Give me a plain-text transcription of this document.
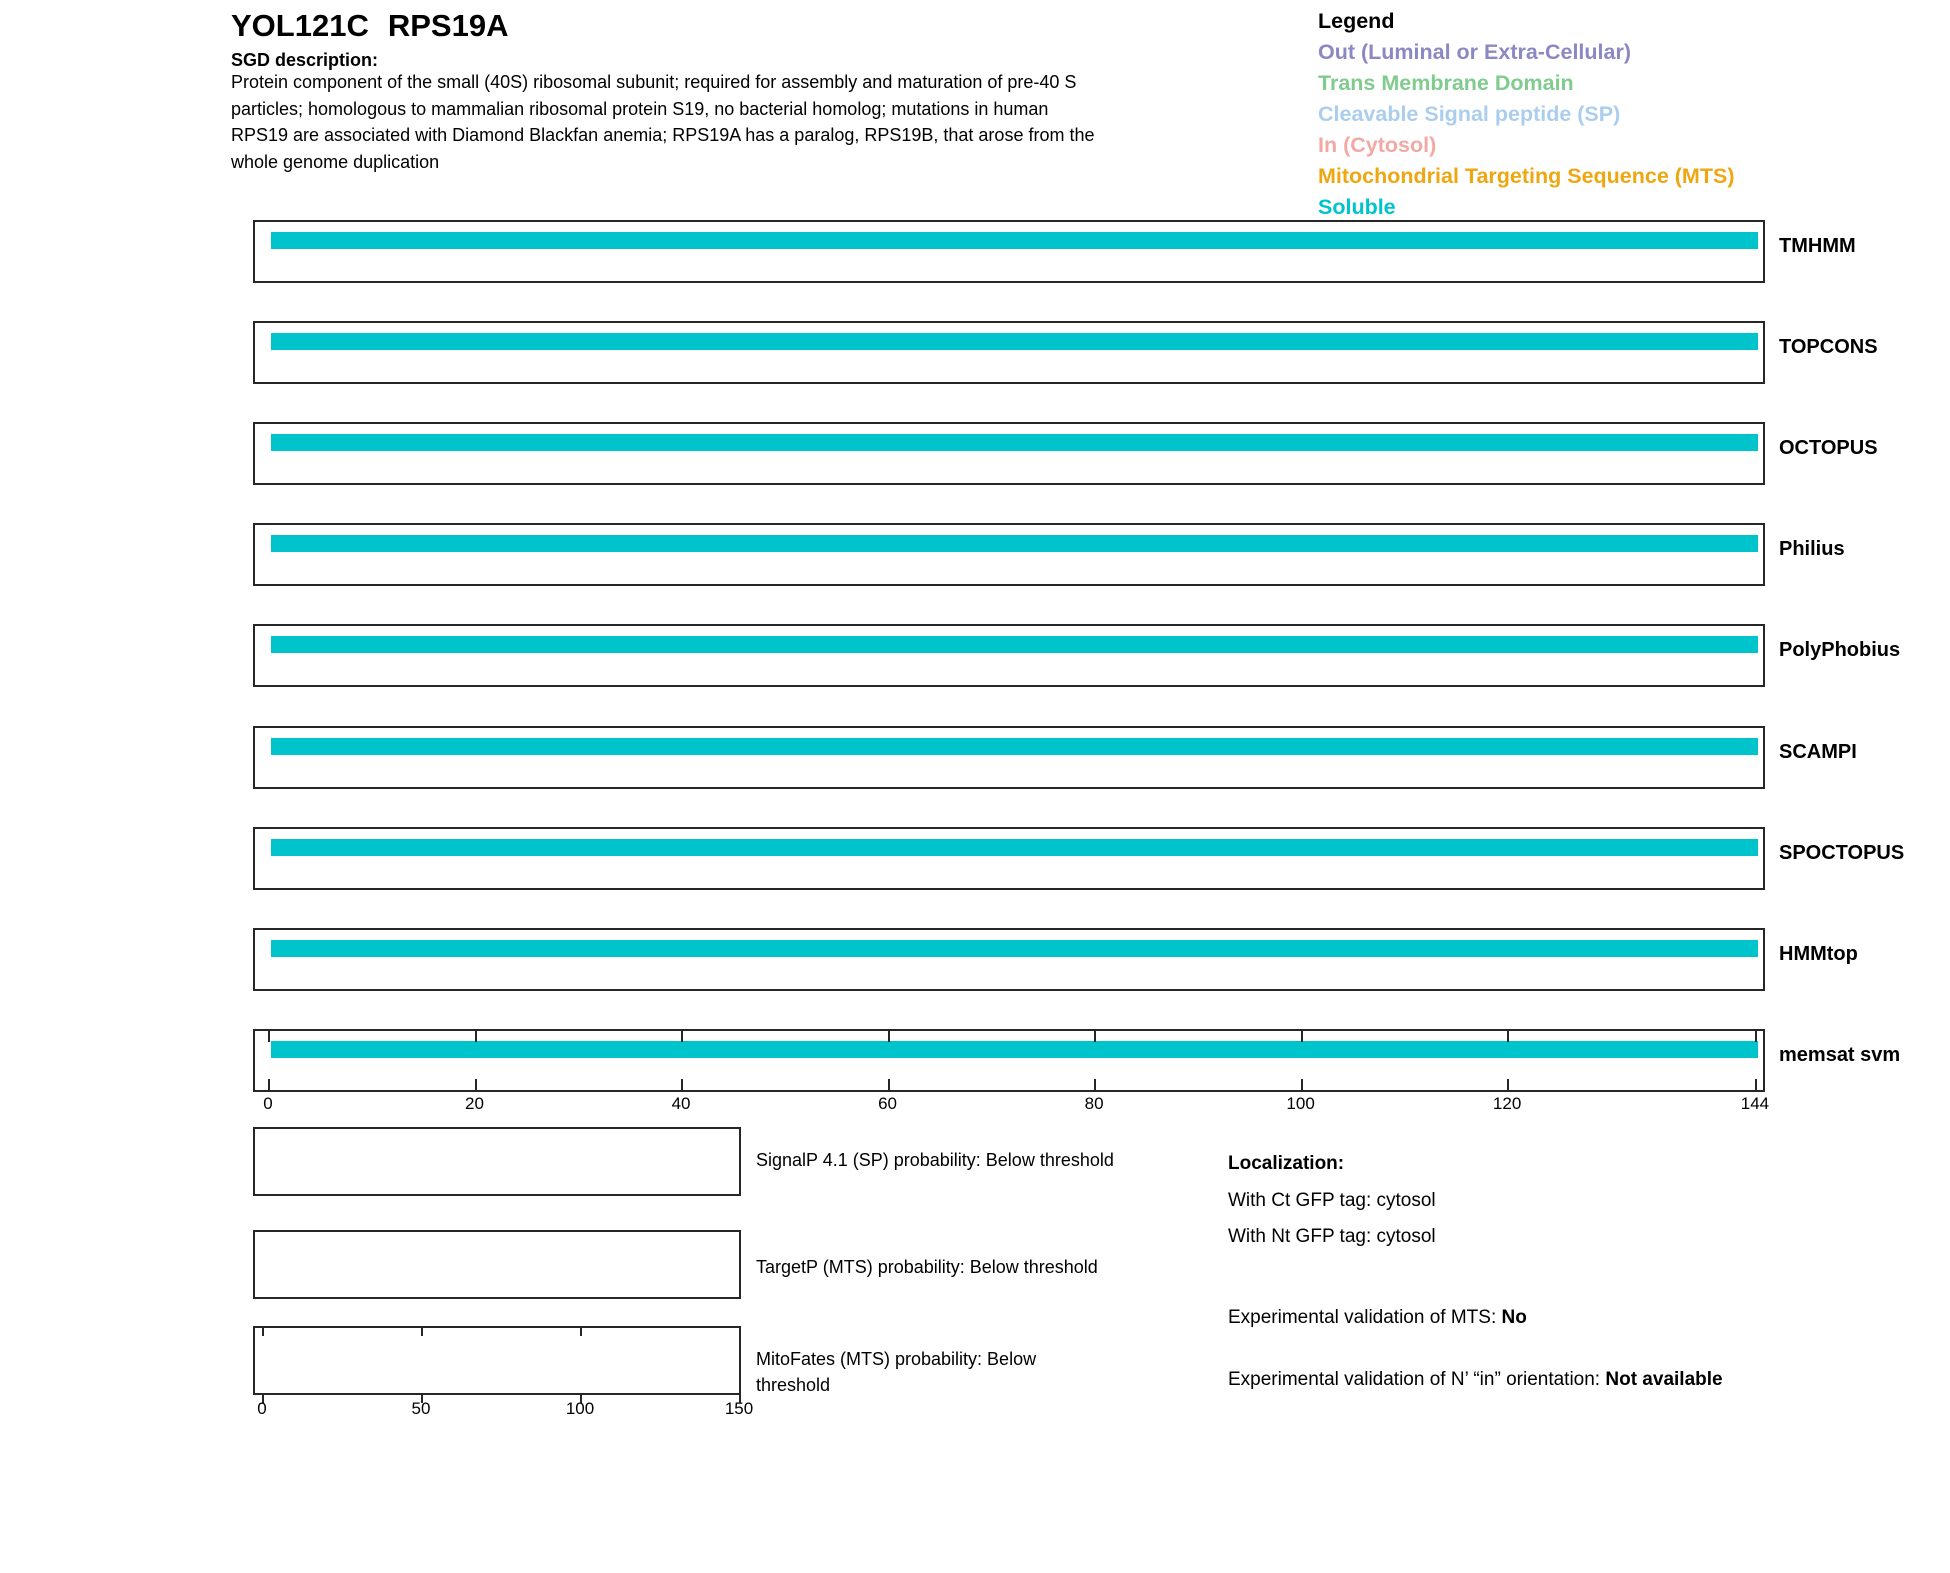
YOL121C RPS19A
SGD description:
Protein component of the small (40S) ribosomal subunit; required for assembly and maturation of pre-40 S
particles; homologous to mammalian ribosomal protein S19, no bacterial homolog; mutations in human
RPS19 are associated with Diamond Blackfan anemia; RPS19A has a paralog, RPS19B, that arose from the
whole genome duplication
Legend
Out (Luminal or Extra-Cellular)
Trans Membrane Domain
Cleavable Signal peptide (SP)
In (Cytosol)
Mitochondrial Targeting Sequence (MTS)
Soluble
TMHMM
TOPCONS
OCTOPUS
Philius
PolyPhobius
SCAMPI
SPOCTOPUS
HMMtop
memsat svm
0	20	40	60	80	100	120	144
SignalP 4.1 (SP) probability: Below threshold
TargetP (MTS) probability: Below threshold
0	50	100	150
MitoFates (MTS) probability: Below
threshold
Localization:
With Ct GFP tag: cytosol
With Nt GFP tag: cytosol
Experimental validation of MTS: No
Experimental validation of N’ “in” orientation: Not available
